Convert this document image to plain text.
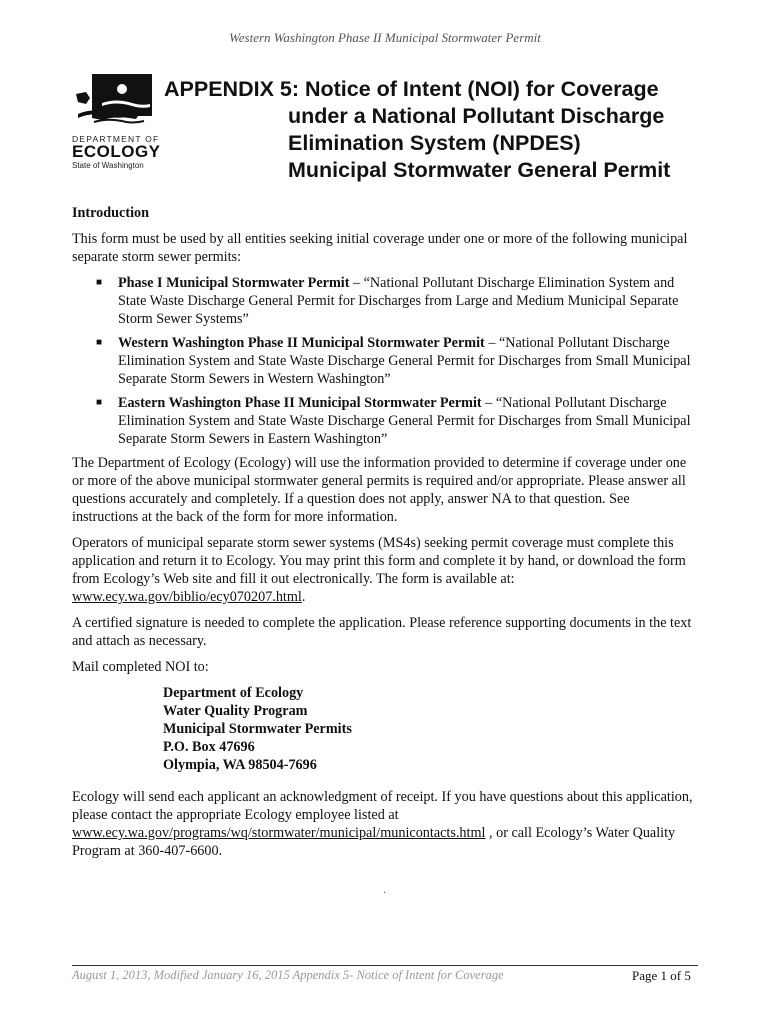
Western Washington Phase II Municipal Stormwater Permit
DEPARTMENT OF
ECOLOGY
State of Washington
APPENDIX 5: Notice of Intent (NOI) for Coverage
under a National Pollutant Discharge
Elimination System (NPDES)
Municipal Stormwater General Permit
Introduction

This form must be used by all entities seeking initial coverage under one or more of the following municipal separate storm sewer permits:

■ Phase I Municipal Stormwater Permit – “National Pollutant Discharge Elimination System and State Waste Discharge General Permit for Discharges from Large and Medium Municipal Separate Storm Sewer Systems”
■ Western Washington Phase II Municipal Stormwater Permit – “National Pollutant Discharge Elimination System and State Waste Discharge General Permit for Discharges from Small Municipal Separate Storm Sewers in Western Washington”
■ Eastern Washington Phase II Municipal Stormwater Permit – “National Pollutant Discharge Elimination System and State Waste Discharge General Permit for Discharges from Small Municipal Separate Storm Sewers in Eastern Washington”

The Department of Ecology (Ecology) will use the information provided to determine if coverage under one or more of the above municipal stormwater general permits is required and/or appropriate. Please answer all questions accurately and completely. If a question does not apply, answer NA to that question. See instructions at the back of the form for more information.

Operators of municipal separate storm sewer systems (MS4s) seeking permit coverage must complete this application and return it to Ecology. You may print this form and complete it by hand, or download the form from Ecology’s Web site and fill it out electronically. The form is available at: www.ecy.wa.gov/biblio/ecy070207.html.

A certified signature is needed to complete the application. Please reference supporting documents in the text and attach as necessary.

Mail completed NOI to:

Department of Ecology
Water Quality Program
Municipal Stormwater Permits
P.O. Box 47696
Olympia, WA 98504-7696

Ecology will send each applicant an acknowledgment of receipt. If you have questions about this application, please contact the appropriate Ecology employee listed at www.ecy.wa.gov/programs/wq/stormwater/municipal/municontacts.html , or call Ecology’s Water Quality Program at 360-407-6600.

.
August 1, 2013, Modified January 16, 2015 Appendix 5- Notice of Intent for Coverage	Page 1 of 5
